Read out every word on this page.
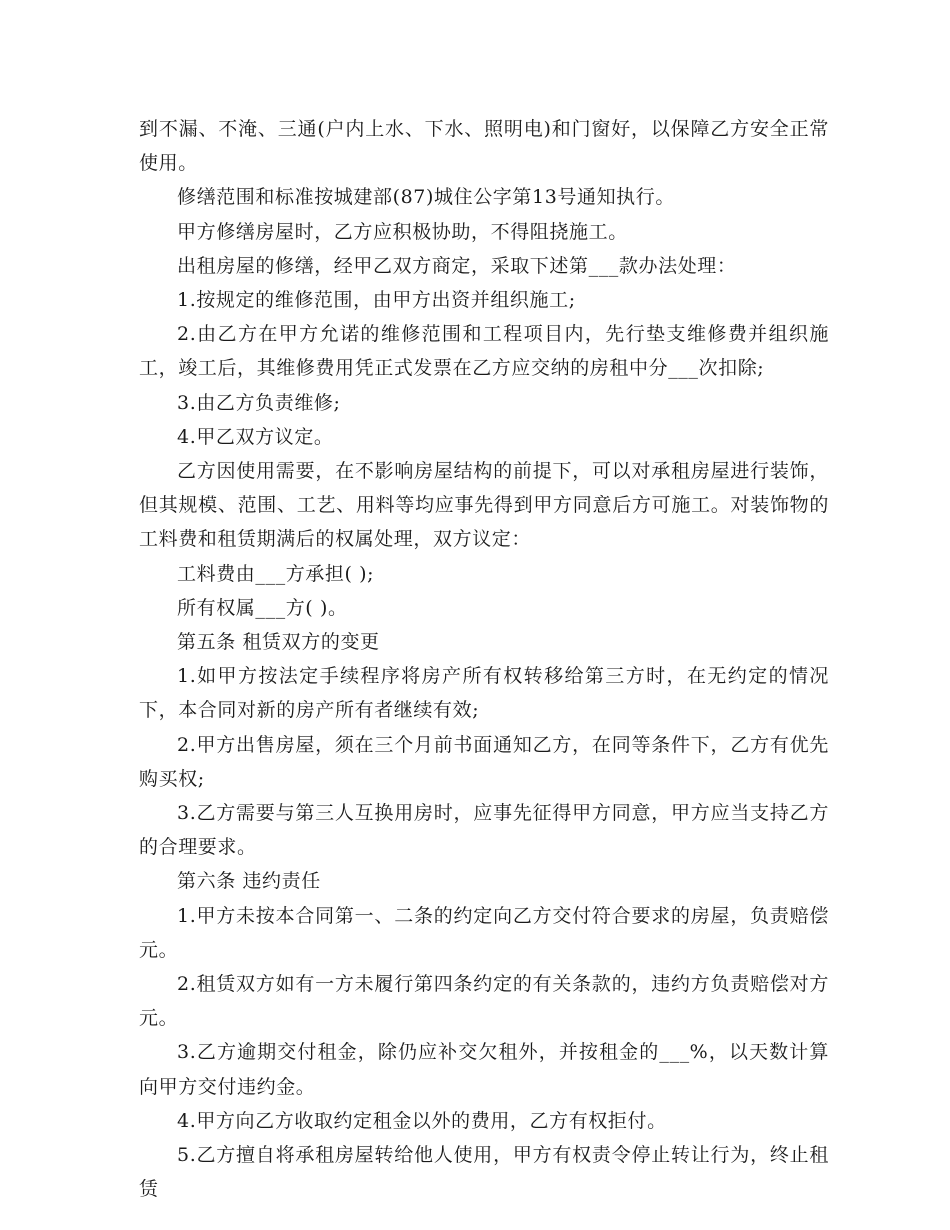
到不漏、不淹、三通(户内上水、下水、照明电)和门窗好，以保障乙方安全正常使用。

修缮范围和标准按城建部(87)城住公字第13号通知执行。

甲方修缮房屋时，乙方应积极协助，不得阻挠施工。

出租房屋的修缮，经甲乙双方商定，采取下述第___款办法处理：

1.按规定的维修范围，由甲方出资并组织施工;

2.由乙方在甲方允诺的维修范围和工程项目内，先行垫支维修费并组织施工，竣工后，其维修费用凭正式发票在乙方应交纳的房租中分___次扣除;

3.由乙方负责维修;

4.甲乙双方议定。

乙方因使用需要，在不影响房屋结构的前提下，可以对承租房屋进行装饰，但其规模、范围、工艺、用料等均应事先得到甲方同意后方可施工。对装饰物的工料费和租赁期满后的权属处理，双方议定：

工料费由___方承担( );

所有权属___方( )。

第五条 租赁双方的变更

1.如甲方按法定手续程序将房产所有权转移给第三方时，在无约定的情况下，本合同对新的房产所有者继续有效;

2.甲方出售房屋，须在三个月前书面通知乙方，在同等条件下，乙方有优先购买权;

3.乙方需要与第三人互换用房时，应事先征得甲方同意，甲方应当支持乙方的合理要求。

第六条 违约责任

1.甲方未按本合同第一、二条的约定向乙方交付符合要求的房屋，负责赔偿元。

2.租赁双方如有一方未履行第四条约定的有关条款的，违约方负责赔偿对方元。

3.乙方逾期交付租金，除仍应补交欠租外，并按租金的___%，以天数计算向甲方交付违约金。

4.甲方向乙方收取约定租金以外的费用，乙方有权拒付。

5.乙方擅自将承租房屋转给他人使用，甲方有权责令停止转让行为，终止租赁
